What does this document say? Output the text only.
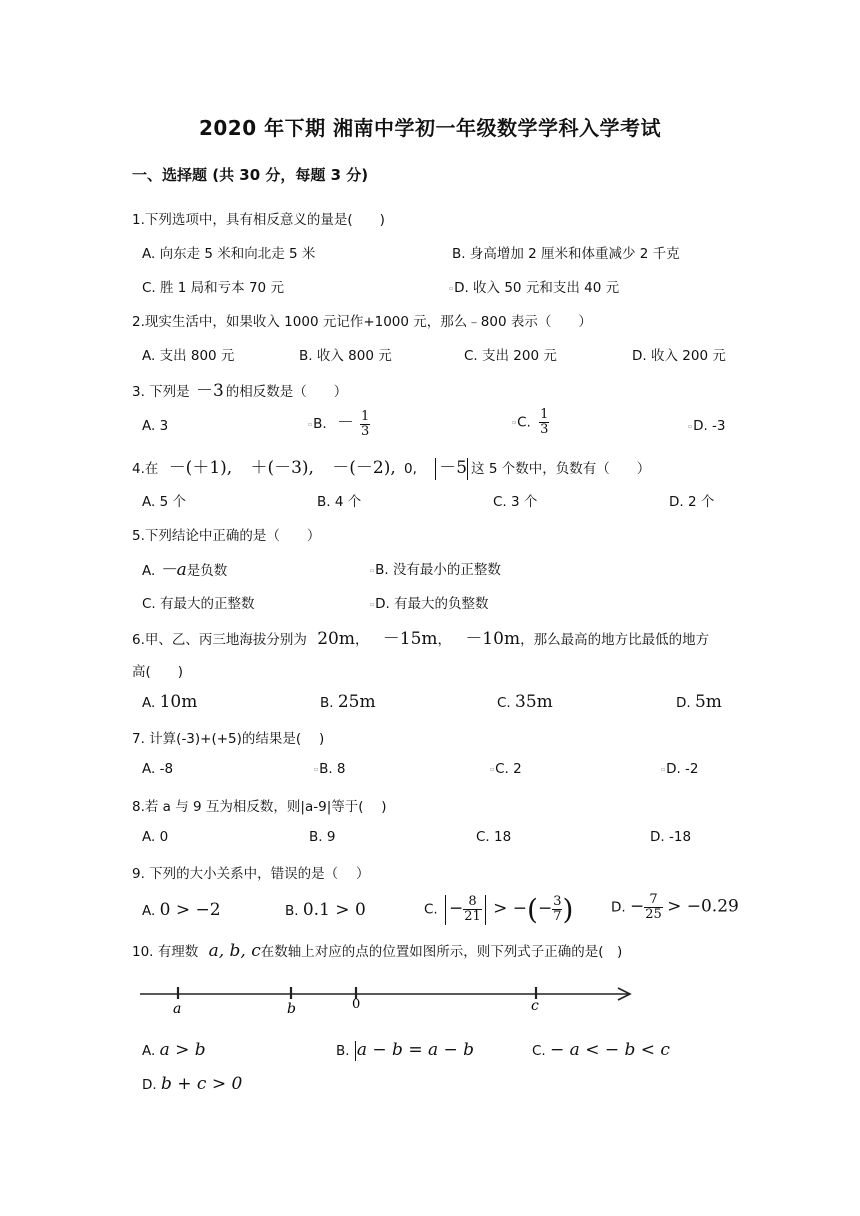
2020 年下期 湘南中学初一年级数学学科入学考试
一、选择题 (共 30 分，每题 3 分)
1.下列选项中，具有相反意义的量是(　　)
A. 向东走 5 米和向北走 5 米	B. 身高增加 2 厘米和体重减少 2 千克
C. 胜 1 局和亏本 70 元	▫D. 收入 50 元和支出 40 元
2.现实生活中，如果收入 1000 元记作+1000 元，那么﹣800 表示（　　）
A. 支出 800 元	B. 收入 800 元	C. 支出 200 元	D. 收入 200 元
3. 下列是 －3 的相反数是（　　）
A. 3	▫B. － $\frac{1}{3}$	▫C. $\frac{1}{3}$	▫D. -3
4.在 －(＋1), ＋(－3), －(－2), 0, －5 这 5 个数中，负数有（　　）
A. 5 个	B. 4 个	C. 3 个	D. 2 个
5.下列结论中正确的是（　　）
A. －a是负数	▫B. 没有最小的正整数
C. 有最大的正整数	▫D. 有最大的负整数
6.甲、乙、丙三地海拔分别为 20m， －15m， －10m，那么最高的地方比最低的地方
高(　　)
A. 10m	B. 25m	C. 35m	D. 5m
7. 计算(-3)+(+5)的结果是(　 )
A. -8	▫B. 8	▫C. 2	▫D. -2
8.若 a 与 9 互为相反数，则|a-9|等于(　 )
A. 0	B. 9	C. 18	D. -18
9. 下列的大小关系中，错误的是（　 ）
A. 0 > −2	B. 0.1 > 0	C. − $\frac{8}{21}$ > −(− $\frac{3}{7}$ )	D. − $\frac{7}{25} > -0.29$
10. 有理数 a, b, c在数轴上对应的点的位置如图所示，则下列式子正确的是(　)
a	b	0	c
A. a > b	B. a − b = a − b	C. − a < − b < c
D. b + c > 0
